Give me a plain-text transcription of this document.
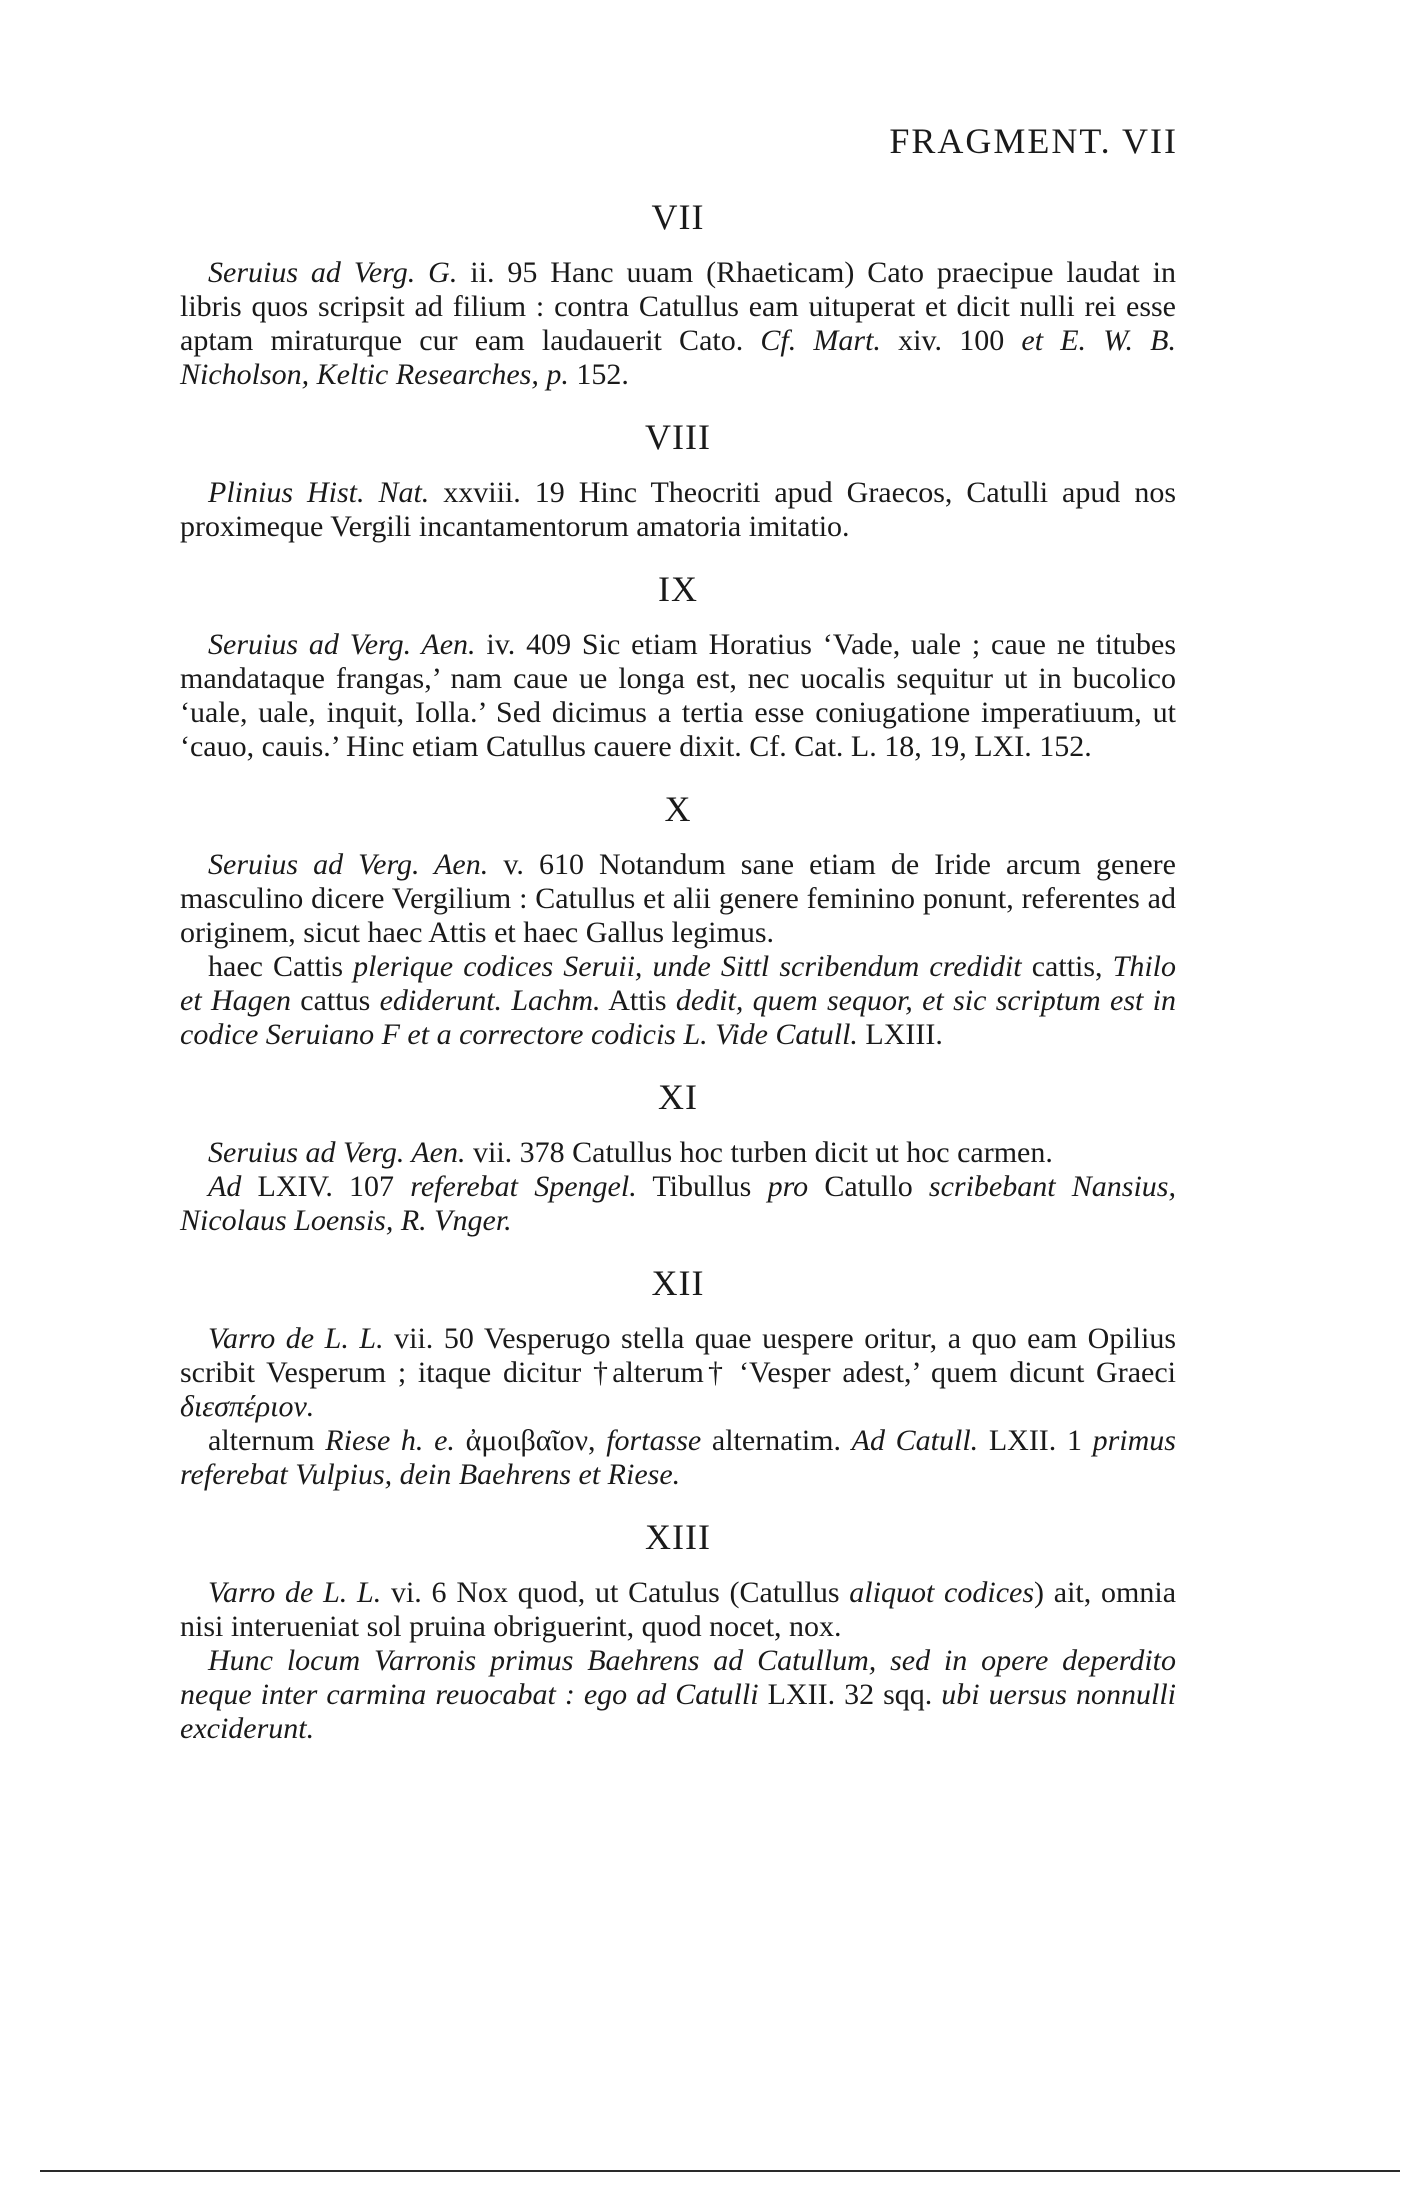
FRAGMENT. VII
VII

Seruius ad Verg. G. ii. 95 Hanc uuam (Rhaeticam) Cato praecipue laudat in libris quos scripsit ad filium : contra Catullus eam uituperat et dicit nulli rei esse aptam miraturque cur eam laudauerit Cato. Cf. Mart. xiv. 100 et E. W. B. Nicholson, Keltic Researches, p. 152.

VIII

Plinius Hist. Nat. xxviii. 19 Hinc Theocriti apud Graecos, Catulli apud nos proximeque Vergili incantamentorum amatoria imitatio.

IX

Seruius ad Verg. Aen. iv. 409 Sic etiam Horatius ‘Vade, uale ; caue ne titubes mandataque frangas,’ nam caue ue longa est, nec uocalis sequitur ut in bucolico ‘uale, uale, inquit, Iolla.’ Sed dicimus a tertia esse coniugatione imperatiuum, ut ‘cauo, cauis.’ Hinc etiam Catullus cauere dixit. Cf. Cat. L. 18, 19, LXI. 152.

X

Seruius ad Verg. Aen. v. 610 Notandum sane etiam de Iride arcum genere masculino dicere Vergilium : Catullus et alii genere feminino ponunt, referentes ad originem, sicut haec Attis et haec Gallus legimus.

haec Cattis plerique codices Seruii, unde Sittl scribendum credidit cattis, Thilo et Hagen cattus ediderunt. Lachm. Attis dedit, quem sequor, et sic scriptum est in codice Seruiano F et a correctore codicis L. Vide Catull. LXIII.

XI

Seruius ad Verg. Aen. vii. 378 Catullus hoc turben dicit ut hoc carmen.

Ad LXIV. 107 referebat Spengel. Tibullus pro Catullo scribebant Nansius, Nicolaus Loensis, R. Vnger.

XII

Varro de L. L. vii. 50 Vesperugo stella quae uespere oritur, a quo eam Opilius scribit Vesperum ; itaque dicitur †alterum† ‘Vesper adest,’ quem dicunt Graeci διεσπέριον.

alternum Riese h. e. ἀμοιβαῖον, fortasse alternatim. Ad Catull. LXII. 1 primus referebat Vulpius, dein Baehrens et Riese.

XIII

Varro de L. L. vi. 6 Nox quod, ut Catulus (Catullus aliquot codices) ait, omnia nisi interueniat sol pruina obriguerint, quod nocet, nox.

Hunc locum Varronis primus Baehrens ad Catullum, sed in opere deperdito neque inter carmina reuocabat : ego ad Catulli LXII. 32 sqq. ubi uersus nonnulli exciderunt.
